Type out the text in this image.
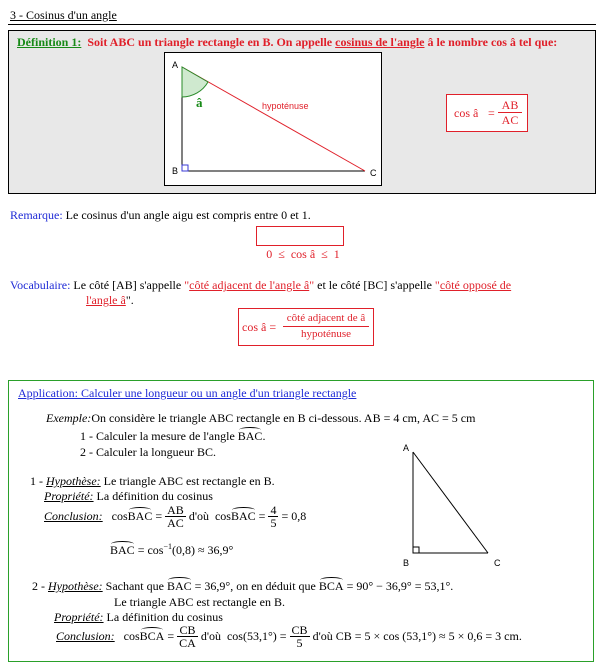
3 - Cosinus d'un angle
Définition 1: Soit ABC un triangle rectangle en B. On appelle cosinus de l'angle â le nombre cos â tel que:
A
B	C
â	hypoténuse	cos â =
AB
AC
Remarque: Le cosinus d'un angle aigu est compris entre 0 et 1.

0  ≤  cos â  ≤  1

Vocabulaire: Le côté [AB] s'appelle "côté adjacent de l'angle â" et le côté [BC] s'appelle "côté opposé de
l'angle â".
cos â =
côté adjacent de â
hypoténuse
Application: Calculer une longueur ou un angle d'un triangle rectangle
Exemple:On considère le triangle ABC rectangle en B ci-dessous. AB = 4 cm, AC = 5 cm
1 - Calculer la mesure de l'angle BAC.
2 - Calculer la longueur BC.	A
B	C
1 - Hypothèse: Le triangle ABC est rectangle en B.
Propriété: La définition du cosinus
Conclusion: cosBAC = $\frac{AB}{AC}$ d'où cosBAC = $\frac{4}{5} = 0,8$
BAC = $\cos^{-1}(0,8) \approx 36,9^\circ$
2 - Hypothèse: Sachant que BAC = 36,9°, on en déduit que BCA = 90° − 36,9° = 53,1°.
Le triangle ABC est rectangle en B.
Propriété: La définition du cosinus
Conclusion: cosBCA = $\frac{CB}{CA}$ d'où $\cos(53,1^\circ) = \frac{CB}{5}$ d'où CB = 5 × cos (53,1°) ≈ 5 × 0,6 = 3 cm.
